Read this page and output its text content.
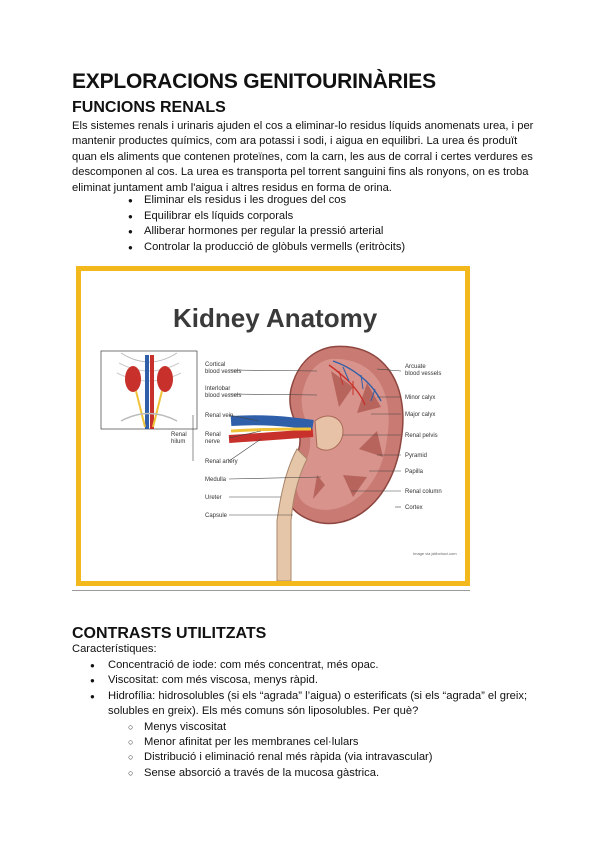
EXPLORACIONS GENITOURINÀRIES
FUNCIONS RENALS
Els sistemes renals i urinaris ajuden el cos a eliminar-lo residus líquids anomenats urea, i per mantenir productes químics, com ara potassi i sodi, i aigua en equilibri. La urea és produït quan els aliments que contenen proteïnes, com la carn, les aus de corral i certes verdures es descomponen al cos. La urea es transporta pel torrent sanguini fins als ronyons, on es troba eliminat juntament amb l'aigua i altres residus en forma de orina.
● Eliminar els residus i les drogues del cos
● Equilibrar els líquids corporals
● Alliberar hormones per regular la pressió arterial
● Controlar la producció de glòbuls vermells (eritròcits)
Kidney Anatomy
Cortical
blood vessels
Interlobar
blood vessels
Renal vein
Renal
nerve
Renal artery
Medulla
Ureter
Capsule
Renal
hilum
Arcuate
blood vessels
Minor calyx
Major calyx
Renal pelvis
Pyramid
Papilla
Renal column
Cortex
Image via jstibchoci.com
CONTRASTS UTILITZATS
Característiques:
● Concentració de iode: com més concentrat, més opac.
● Viscositat: com més viscosa, menys ràpid.
● Hidrofília: hidrosolubles (si els “agrada” l’aigua) o esterificats (si els “agrada” el greix; solubles en greix). Els més comuns són liposolubles. Per què?
○ Menys viscositat
○ Menor afinitat per les membranes cel·lulars
○ Distribució i eliminació renal més ràpida (via intravascular)
○ Sense absorció a través de la mucosa gàstrica.
